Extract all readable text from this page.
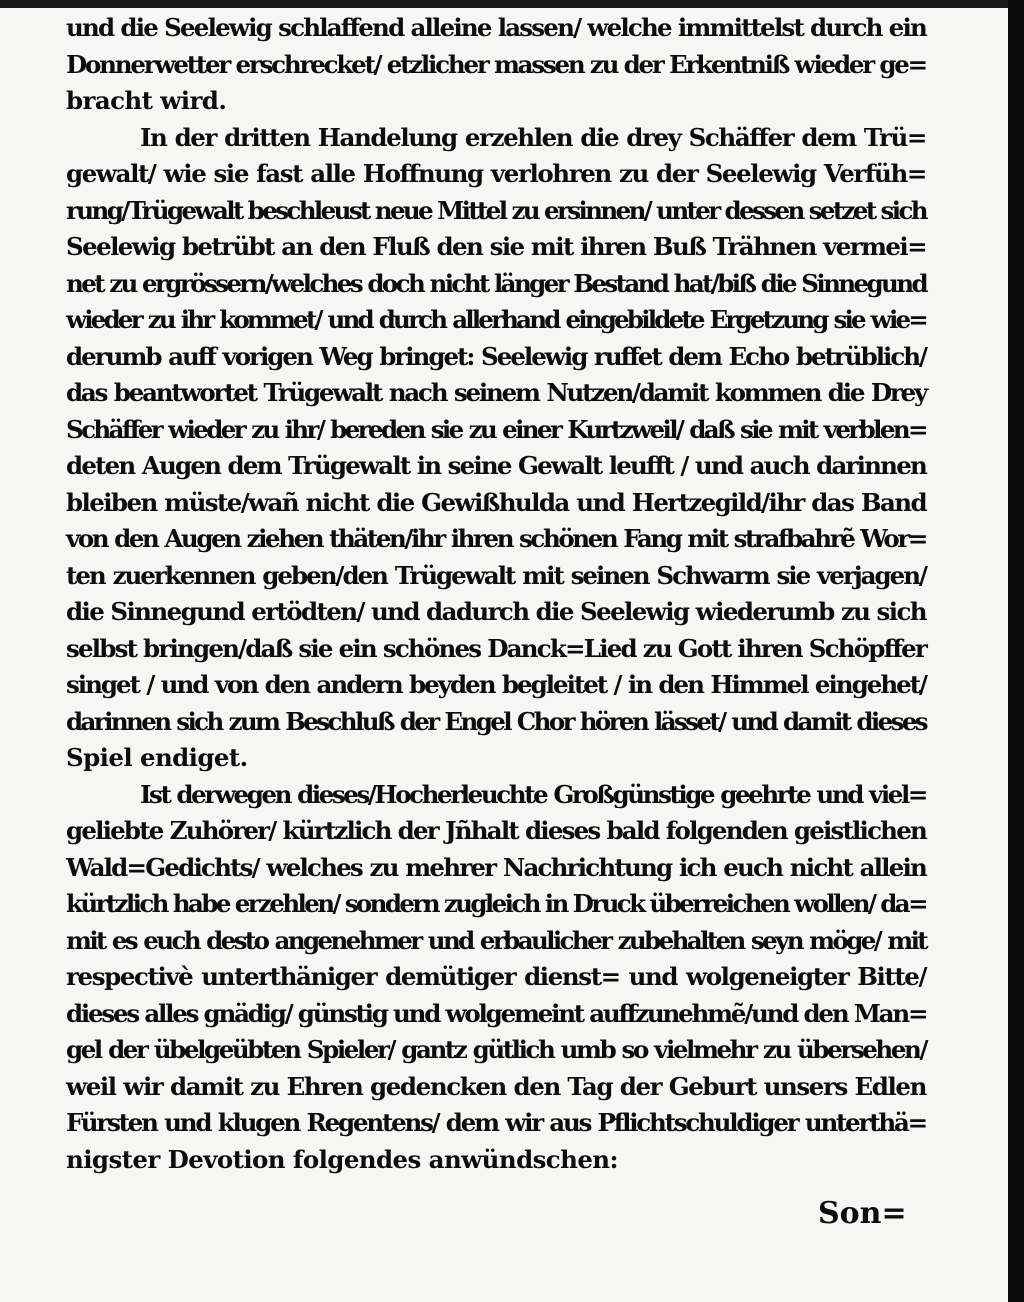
und die Seelewig schlaffend alleine lassen/ welche immittelst durch ein
Donnerwetter erschrecket/ etzlicher massen zu der Erkentniß wieder ge=
bracht wird.
In der dritten Handelung erzehlen die drey Schäffer dem Trü=
gewalt/ wie sie fast alle Hoffnung verlohren zu der Seelewig Verfüh=
rung/Trügewalt beschleust neue Mittel zu ersinnen/ unter dessen setzet sich
Seelewig betrübt an den Fluß den sie mit ihren Buß Trähnen vermei=
net zu ergrössern/welches doch nicht länger Bestand hat/biß die Sinnegund
wieder zu ihr kommet/ und durch allerhand eingebildete Ergetzung sie wie=
derumb auff vorigen Weg bringet: Seelewig ruffet dem Echo betrüblich/
das beantwortet Trügewalt nach seinem Nutzen/damit kommen die Drey
Schäffer wieder zu ihr/ bereden sie zu einer Kurtzweil/ daß sie mit verblen=
deten Augen dem Trügewalt in seine Gewalt leufft / und auch darinnen
bleiben müste/wañ nicht die Gewißhulda und Hertzegild/ihr das Band
von den Augen ziehen thäten/ihr ihren schönen Fang mit strafbahrẽ Wor=
ten zuerkennen geben/den Trügewalt mit seinen Schwarm sie verjagen/
die Sinnegund ertödten/ und dadurch die Seelewig wiederumb zu sich
selbst bringen/daß sie ein schönes Danck=Lied zu Gott ihren Schöpffer
singet / und von den andern beyden begleitet / in den Himmel eingehet/
darinnen sich zum Beschluß der Engel Chor hören lässet/ und damit dieses
Spiel endiget.
Ist derwegen dieses/Hocherleuchte Großgünstige geehrte und viel=
geliebte Zuhörer/ kürtzlich der Jñhalt dieses bald folgenden geistlichen
Wald=Gedichts/ welches zu mehrer Nachrichtung ich euch nicht allein
kürtzlich habe erzehlen/ sondern zugleich in Druck überreichen wollen/ da=
mit es euch desto angenehmer und erbaulicher zubehalten seyn möge/ mit
respectivè unterthäniger demütiger dienst= und wolgeneigter Bitte/
dieses alles gnädig/ günstig und wolgemeint auffzunehmẽ/und den Man=
gel der übelgeübten Spieler/ gantz gütlich umb so vielmehr zu übersehen/
weil wir damit zu Ehren gedencken den Tag der Geburt unsers Edlen
Fürsten und klugen Regentens/ dem wir aus Pflichtschuldiger unterthä=
nigster Devotion folgendes anwündschen:
Son=
